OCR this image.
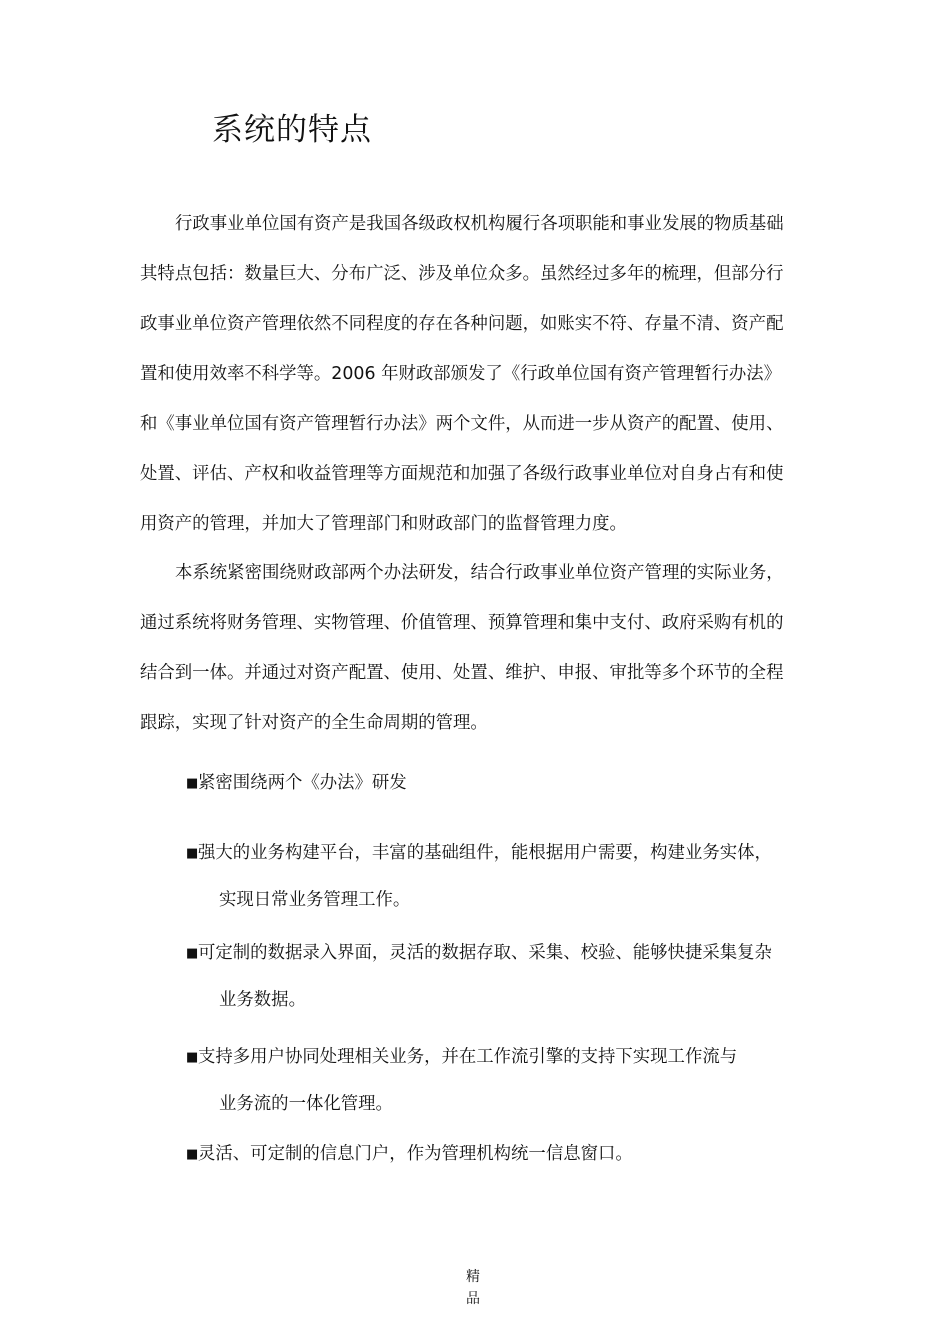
系统的特点
行政事业单位国有资产是我国各级政权机构履行各项职能和事业发展的物质基础
其特点包括：数量巨大、分布广泛、涉及单位众多。虽然经过多年的梳理，但部分行
政事业单位资产管理依然不同程度的存在各种问题，如账实不符、存量不清、资产配
置和使用效率不科学等。2006 年财政部颁发了《行政单位国有资产管理暂行办法》
和《事业单位国有资产管理暂行办法》两个文件，从而进一步从资产的配置、使用、
处置、评估、产权和收益管理等方面规范和加强了各级行政事业单位对自身占有和使
用资产的管理，并加大了管理部门和财政部门的监督管理力度。
本系统紧密围绕财政部两个办法研发，结合行政事业单位资产管理的实际业务，
通过系统将财务管理、实物管理、价值管理、预算管理和集中支付、政府采购有机的
结合到一体。并通过对资产配置、使用、处置、维护、申报、审批等多个环节的全程
跟踪，实现了针对资产的全生命周期的管理。
■紧密围绕两个《办法》研发
■强大的业务构建平台，丰富的基础组件，能根据用户需要，构建业务实体，
实现日常业务管理工作。
■可定制的数据录入界面，灵活的数据存取、采集、校验、能够快捷采集复杂
业务数据。
■支持多用户协同处理相关业务，并在工作流引擎的支持下实现工作流与
业务流的一体化管理。
■灵活、可定制的信息门户，作为管理机构统一信息窗口。
精
品
